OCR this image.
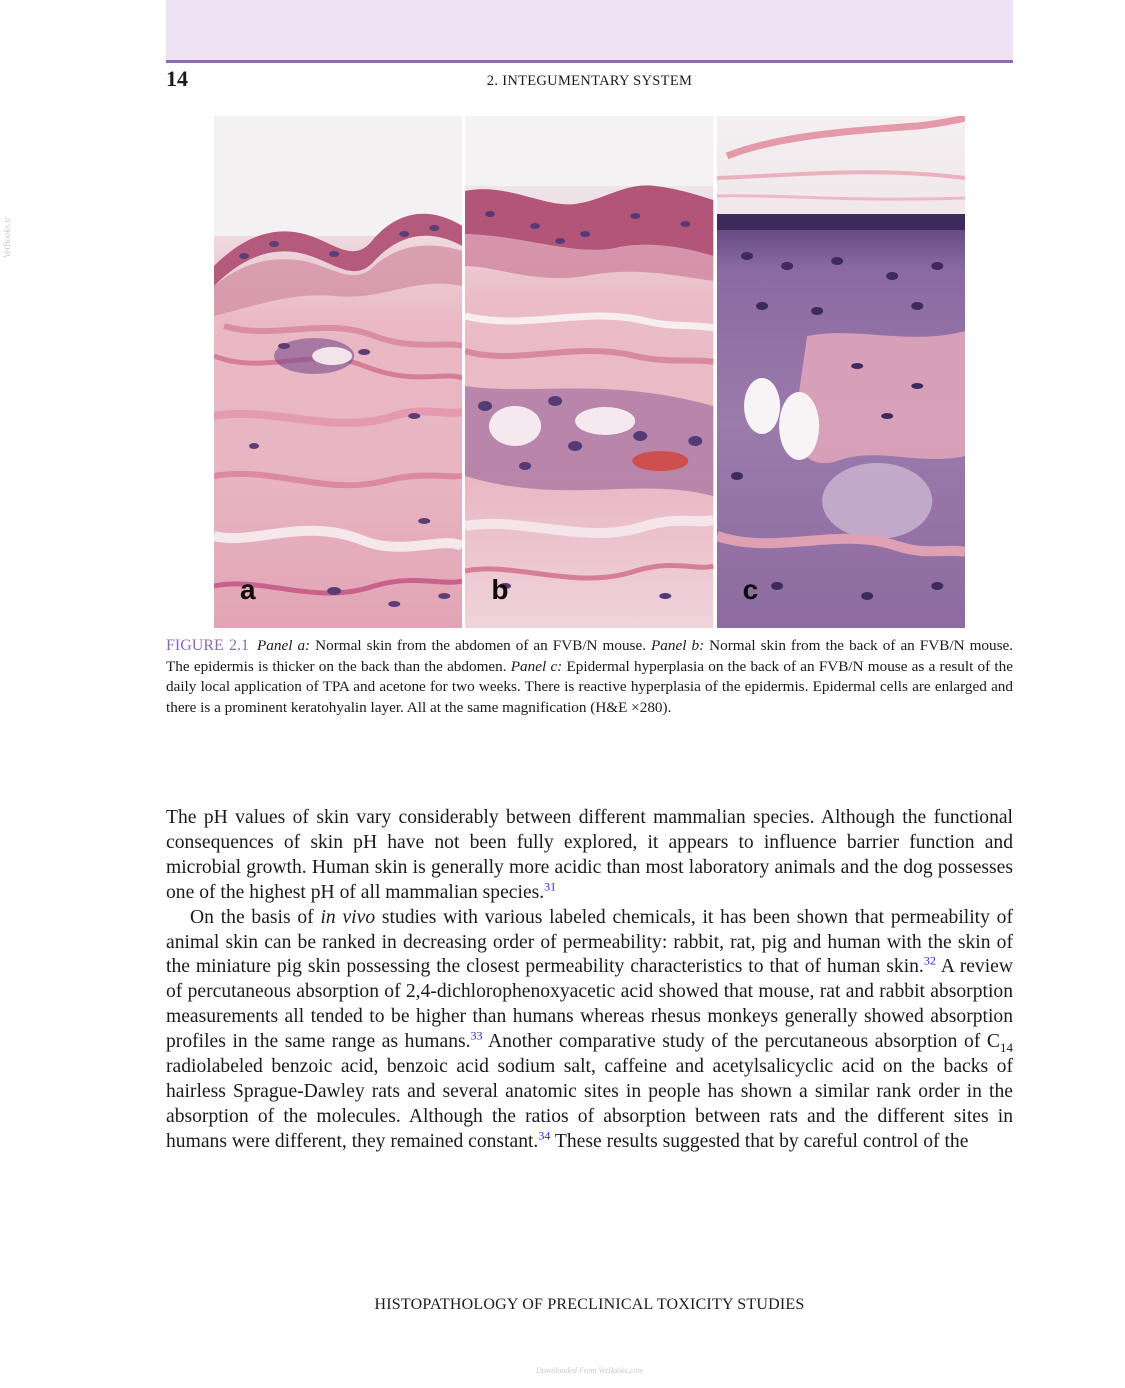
14	2. INTEGUMENTARY SYSTEM
VetBooks.ir
a	b	c
FIGURE 2.1 Panel a: Normal skin from the abdomen of an FVB/N mouse. Panel b: Normal skin from the back of an FVB/N mouse. The epidermis is thicker on the back than the abdomen. Panel c: Epidermal hyperplasia on the back of an FVB/N mouse as a result of the daily local application of TPA and acetone for two weeks. There is reactive hyperplasia of the epidermis. Epidermal cells are enlarged and there is a prominent keratohyalin layer. All at the same magnification (H&E ×280).

The pH values of skin vary considerably between different mammalian species. Although the functional consequences of skin pH have not been fully explored, it appears to influence barrier function and microbial growth. Human skin is generally more acidic than most laboratory animals and the dog possesses one of the highest pH of all mammalian species.$^{31}$

On the basis of in vivo studies with various labeled chemicals, it has been shown that permeability of animal skin can be ranked in decreasing order of permeability: rabbit, rat, pig and human with the skin of the miniature pig skin possessing the closest permeability characteristics to that of human skin.$^{32}$ A review of percutaneous absorption of 2,4-dichlorophenoxyacetic acid showed that mouse, rat and rabbit absorption measurements all tended to be higher than humans whereas rhesus monkeys generally showed absorption profiles in the same range as humans.$^{33}$ Another comparative study of the percutaneous absorption of $C_{14}$ radiolabeled benzoic acid, benzoic acid sodium salt, caffeine and acetylsalicyclic acid on the backs of hairless Sprague-Dawley rats and several anatomic sites in people has shown a similar rank order in the absorption of the molecules. Although the ratios of absorption between rats and the different sites in humans were different, they remained constant.$^{34}$ These results suggested that by careful control of the

HISTOPATHOLOGY OF PRECLINICAL TOXICITY STUDIES
Downloaded From VetBooks.com
